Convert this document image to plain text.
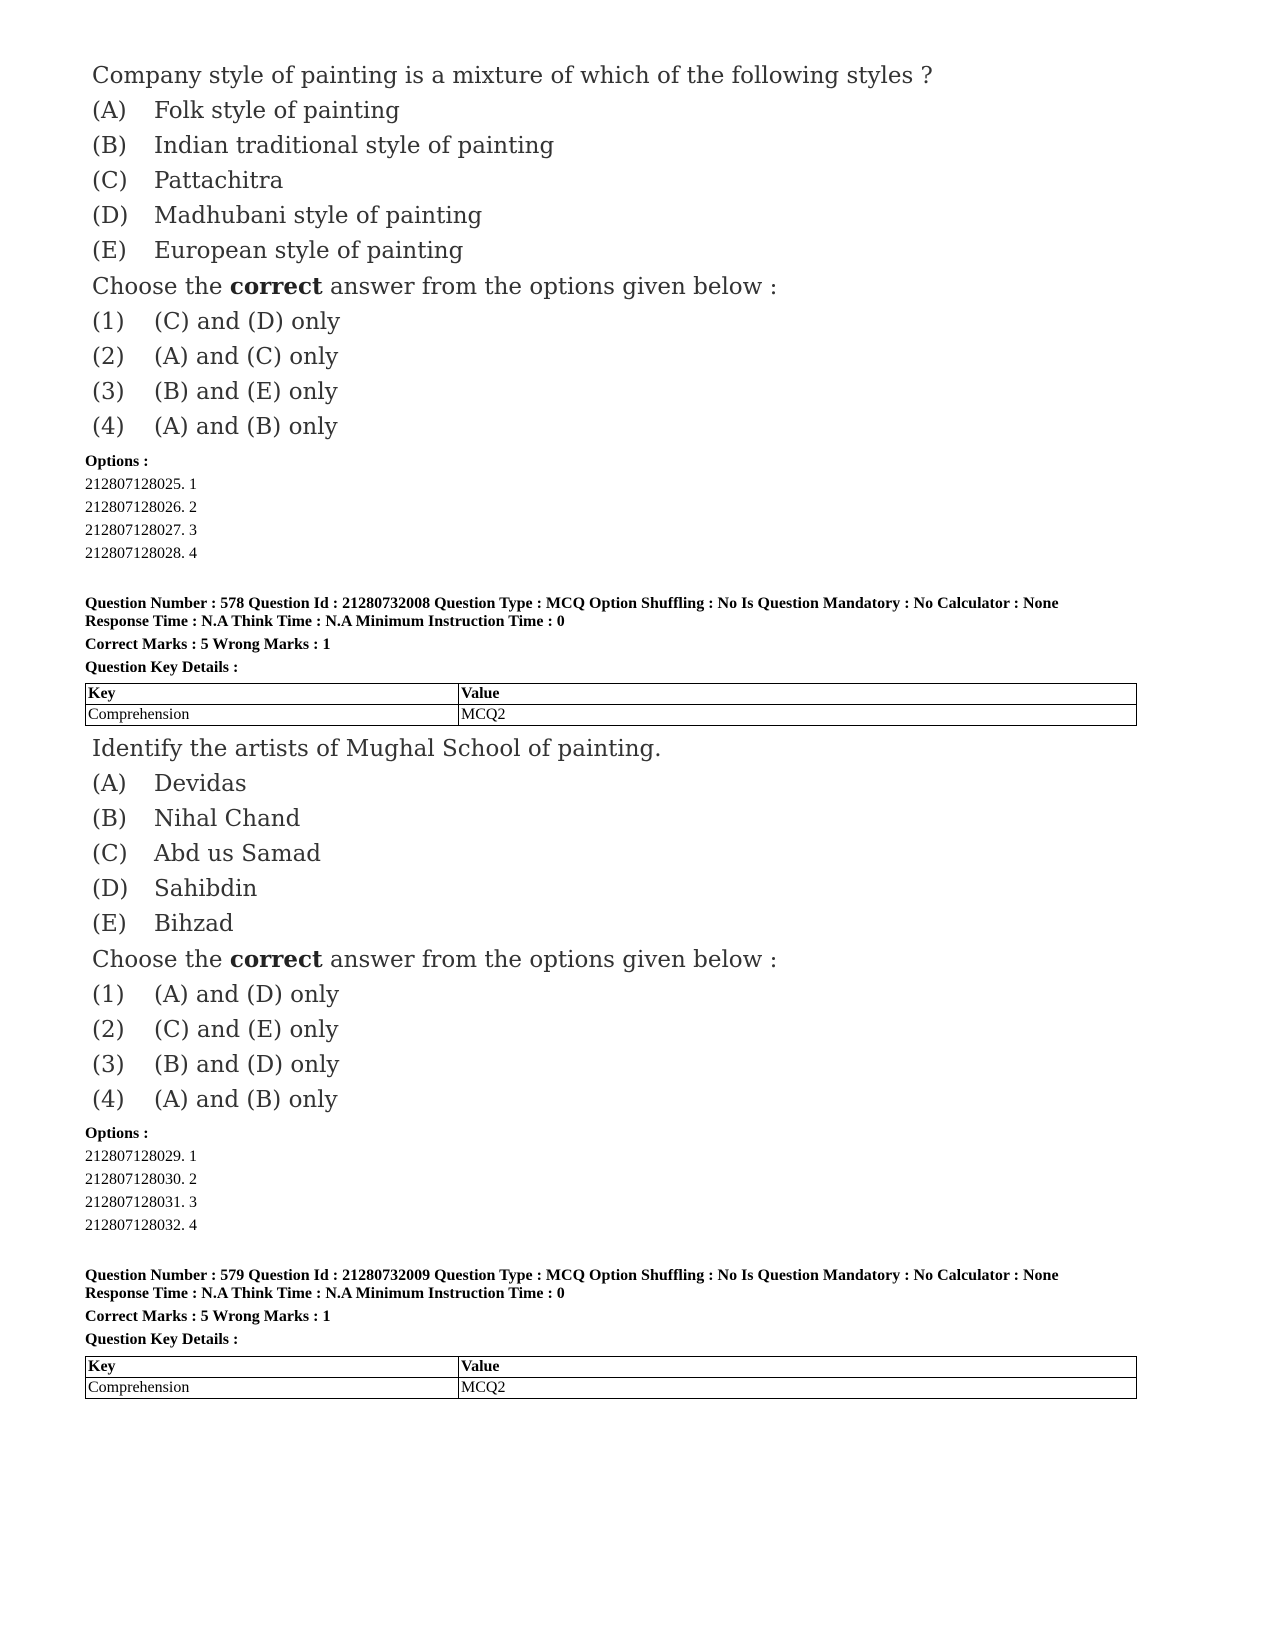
Company style of painting is a mixture of which of the following styles ?
(A)	Folk style of painting
(B)	Indian traditional style of painting
(C)	Pattachitra
(D)	Madhubani style of painting
(E)	European style of painting
Choose the correct answer from the options given below :
(1)	(C) and (D) only
(2)	(A) and (C) only
(3)	(B) and (E) only
(4)	(A) and (B) only
Options :
212807128025. 1
212807128026. 2
212807128027. 3
212807128028. 4
Question Number : 578 Question Id : 21280732008 Question Type : MCQ Option Shuffling : No Is Question Mandatory : No Calculator : None
Response Time : N.A Think Time : N.A Minimum Instruction Time : 0
Correct Marks : 5 Wrong Marks : 1
Question Key Details :
Key	Value
Comprehension	MCQ2
Identify the artists of Mughal School of painting.
(A)	Devidas
(B)	Nihal Chand
(C)	Abd us Samad
(D)	Sahibdin
(E)	Bihzad
Choose the correct answer from the options given below :
(1)	(A) and (D) only
(2)	(C) and (E) only
(3)	(B) and (D) only
(4)	(A) and (B) only
Options :
212807128029. 1
212807128030. 2
212807128031. 3
212807128032. 4
Question Number : 579 Question Id : 21280732009 Question Type : MCQ Option Shuffling : No Is Question Mandatory : No Calculator : None
Response Time : N.A Think Time : N.A Minimum Instruction Time : 0
Correct Marks : 5 Wrong Marks : 1
Question Key Details :
Key	Value
Comprehension	MCQ2
